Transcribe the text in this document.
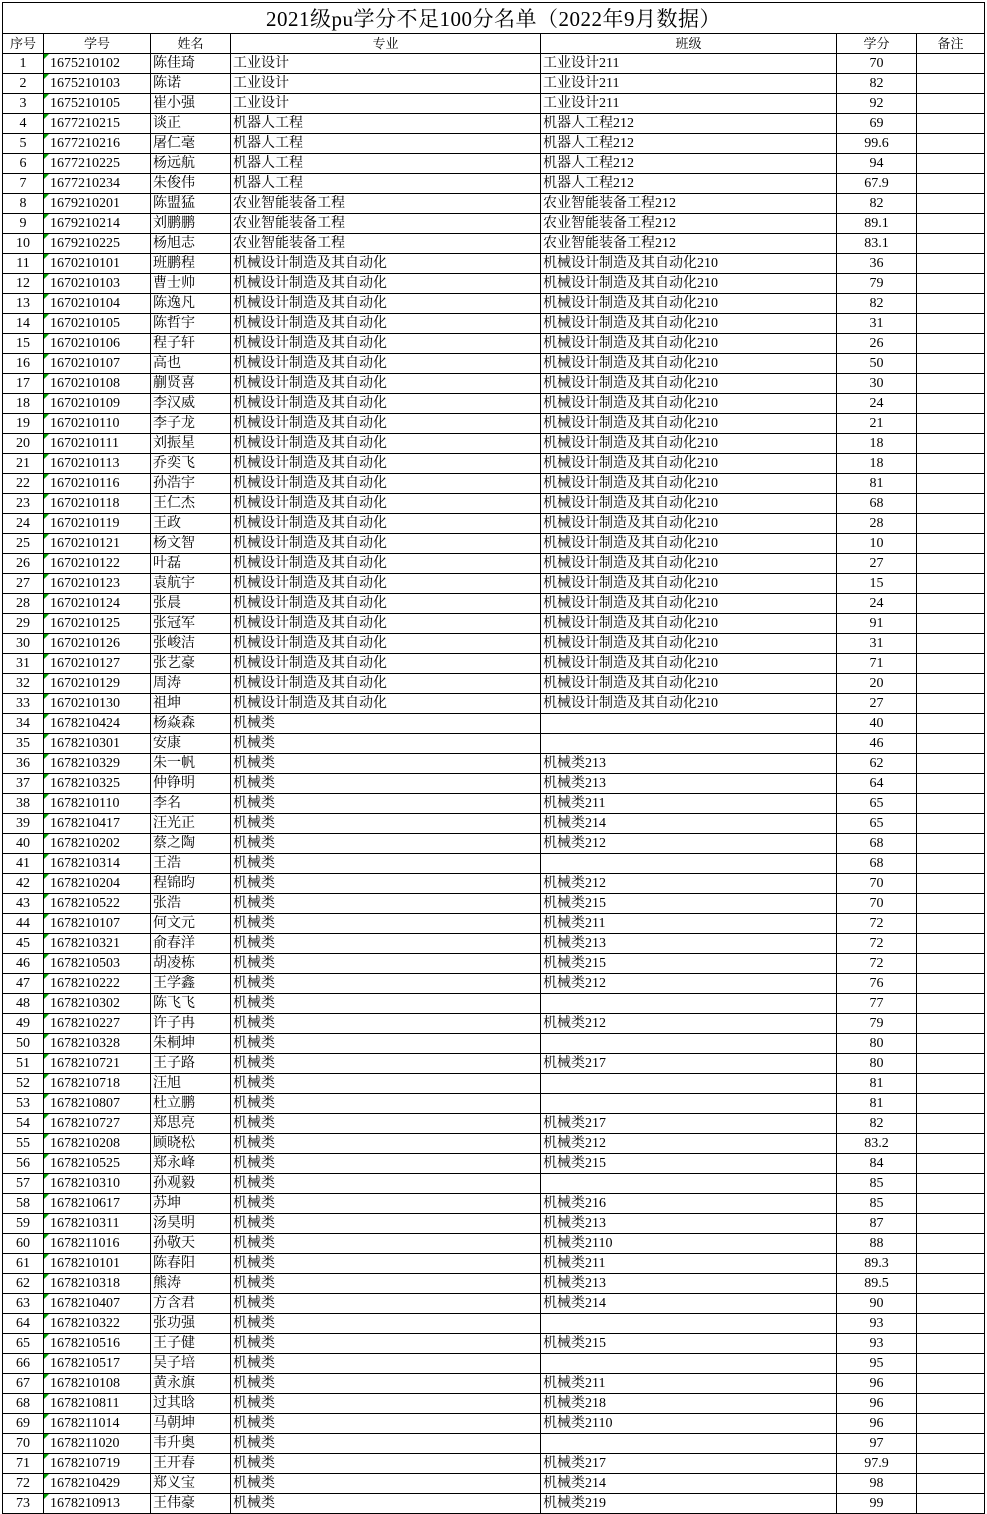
2021级pu学分不足100分名单（2022年9月数据）						
序号	学号	姓名	专业	班级	学分	备注
1	1675210102	陈佳琦	工业设计	工业设计211	70	
2	1675210103	陈诺	工业设计	工业设计211	82	
3	1675210105	崔小强	工业设计	工业设计211	92	
4	1677210215	谈正	机器人工程	机器人工程212	69	
5	1677210216	屠仁毫	机器人工程	机器人工程212	99.6	
6	1677210225	杨远航	机器人工程	机器人工程212	94	
7	1677210234	朱俊伟	机器人工程	机器人工程212	67.9	
8	1679210201	陈盟猛	农业智能装备工程	农业智能装备工程212	82	
9	1679210214	刘鹏鹏	农业智能装备工程	农业智能装备工程212	89.1	
10	1679210225	杨旭志	农业智能装备工程	农业智能装备工程212	83.1	
11	1670210101	班鹏程	机械设计制造及其自动化	机械设计制造及其自动化210	36	
12	1670210103	曹士帅	机械设计制造及其自动化	机械设计制造及其自动化210	79	
13	1670210104	陈逸凡	机械设计制造及其自动化	机械设计制造及其自动化210	82	
14	1670210105	陈哲宇	机械设计制造及其自动化	机械设计制造及其自动化210	31	
15	1670210106	程子轩	机械设计制造及其自动化	机械设计制造及其自动化210	26	
16	1670210107	高也	机械设计制造及其自动化	机械设计制造及其自动化210	50	
17	1670210108	蒯贤喜	机械设计制造及其自动化	机械设计制造及其自动化210	30	
18	1670210109	李汉威	机械设计制造及其自动化	机械设计制造及其自动化210	24	
19	1670210110	李子龙	机械设计制造及其自动化	机械设计制造及其自动化210	21	
20	1670210111	刘振星	机械设计制造及其自动化	机械设计制造及其自动化210	18	
21	1670210113	乔奕飞	机械设计制造及其自动化	机械设计制造及其自动化210	18	
22	1670210116	孙浩宇	机械设计制造及其自动化	机械设计制造及其自动化210	81	
23	1670210118	王仁杰	机械设计制造及其自动化	机械设计制造及其自动化210	68	
24	1670210119	王政	机械设计制造及其自动化	机械设计制造及其自动化210	28	
25	1670210121	杨文智	机械设计制造及其自动化	机械设计制造及其自动化210	10	
26	1670210122	叶磊	机械设计制造及其自动化	机械设计制造及其自动化210	27	
27	1670210123	袁航宇	机械设计制造及其自动化	机械设计制造及其自动化210	15	
28	1670210124	张晨	机械设计制造及其自动化	机械设计制造及其自动化210	24	
29	1670210125	张冠军	机械设计制造及其自动化	机械设计制造及其自动化210	91	
30	1670210126	张峻洁	机械设计制造及其自动化	机械设计制造及其自动化210	31	
31	1670210127	张艺豪	机械设计制造及其自动化	机械设计制造及其自动化210	71	
32	1670210129	周涛	机械设计制造及其自动化	机械设计制造及其自动化210	20	
33	1670210130	祖坤	机械设计制造及其自动化	机械设计制造及其自动化210	27	
34	1678210424	杨焱森	机械类		40	
35	1678210301	安康	机械类		46	
36	1678210329	朱一帆	机械类	机械类213	62	
37	1678210325	仲铮明	机械类	机械类213	64	
38	1678210110	李名	机械类	机械类211	65	
39	1678210417	汪光正	机械类	机械类214	65	
40	1678210202	蔡之陶	机械类	机械类212	68	
41	1678210314	王浩	机械类		68	
42	1678210204	程锦昀	机械类	机械类212	70	
43	1678210522	张浩	机械类	机械类215	70	
44	1678210107	何文元	机械类	机械类211	72	
45	1678210321	俞春洋	机械类	机械类213	72	
46	1678210503	胡凌栋	机械类	机械类215	72	
47	1678210222	王学鑫	机械类	机械类212	76	
48	1678210302	陈飞飞	机械类		77	
49	1678210227	许子冉	机械类	机械类212	79	
50	1678210328	朱桐坤	机械类		80	
51	1678210721	王子路	机械类	机械类217	80	
52	1678210718	汪旭	机械类		81	
53	1678210807	杜立鹏	机械类		81	
54	1678210727	郑思亮	机械类	机械类217	82	
55	1678210208	顾晓松	机械类	机械类212	83.2	
56	1678210525	郑永峰	机械类	机械类215	84	
57	1678210310	孙观毅	机械类		85	
58	1678210617	苏坤	机械类	机械类216	85	
59	1678210311	汤昊明	机械类	机械类213	87	
60	1678211016	孙敬天	机械类	机械类2110	88	
61	1678210101	陈春阳	机械类	机械类211	89.3	
62	1678210318	熊涛	机械类	机械类213	89.5	
63	1678210407	方含君	机械类	机械类214	90	
64	1678210322	张功强	机械类		93	
65	1678210516	王子健	机械类	机械类215	93	
66	1678210517	吴子培	机械类		95	
67	1678210108	黄永旗	机械类	机械类211	96	
68	1678210811	过其晗	机械类	机械类218	96	
69	1678211014	马朝坤	机械类	机械类2110	96	
70	1678211020	韦升奥	机械类		97	
71	1678210719	王开春	机械类	机械类217	97.9	
72	1678210429	郑义宝	机械类	机械类214	98	
73	1678210913	王伟豪	机械类	机械类219	99	
